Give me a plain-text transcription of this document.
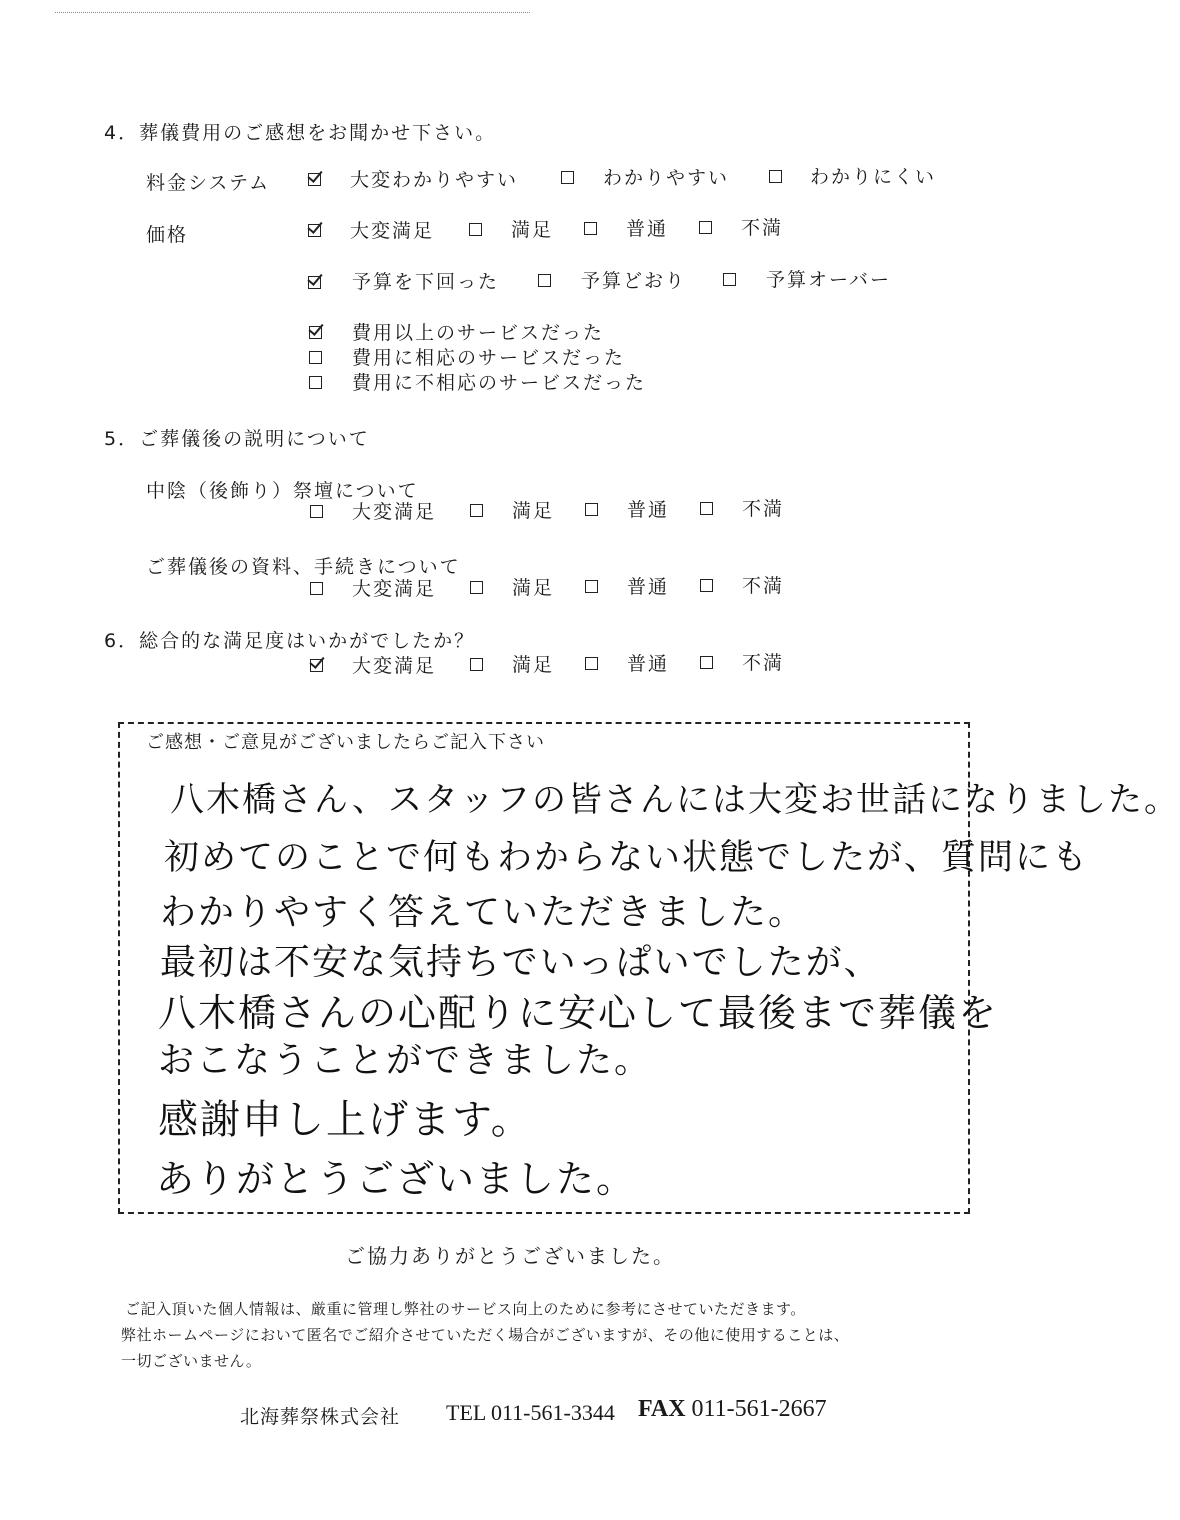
4．葬儀費用のご感想をお聞かせ下さい。
料金システム	大変わかりやすい	わかりやすい	わかりにくい
価格	大変満足	満足	普通	不満
予算を下回った	予算どおり	予算オーバー
費用以上のサービスだった
費用に相応のサービスだった
費用に不相応のサービスだった
5．ご葬儀後の説明について
中陰（後飾り）祭壇について
大変満足	満足	普通	不満
ご葬儀後の資料、手続きについて
大変満足	満足	普通	不満
6．総合的な満足度はいかがでしたか？
大変満足	満足	普通	不満
ご感想・ご意見がございましたらご記入下さい
八木橋さん、スタッフの皆さんには大変お世話になりました。
初めてのことで何もわからない状態でしたが、質問にも
わかりやすく答えていただきました。
最初は不安な気持ちでいっぱいでしたが、
八木橋さんの心配りに安心して最後まで葬儀を
おこなうことができました。
感謝申し上げます。
ありがとうございました。
ご協力ありがとうございました。
ご記入頂いた個人情報は、厳重に管理し弊社のサービス向上のために参考にさせていただきます。
弊社ホームページにおいて匿名でご紹介させていただく場合がございますが、その他に使用することは、
一切ございません。
北海葬祭株式会社 TEL 011-561-3344 FAX 011-561-2667
